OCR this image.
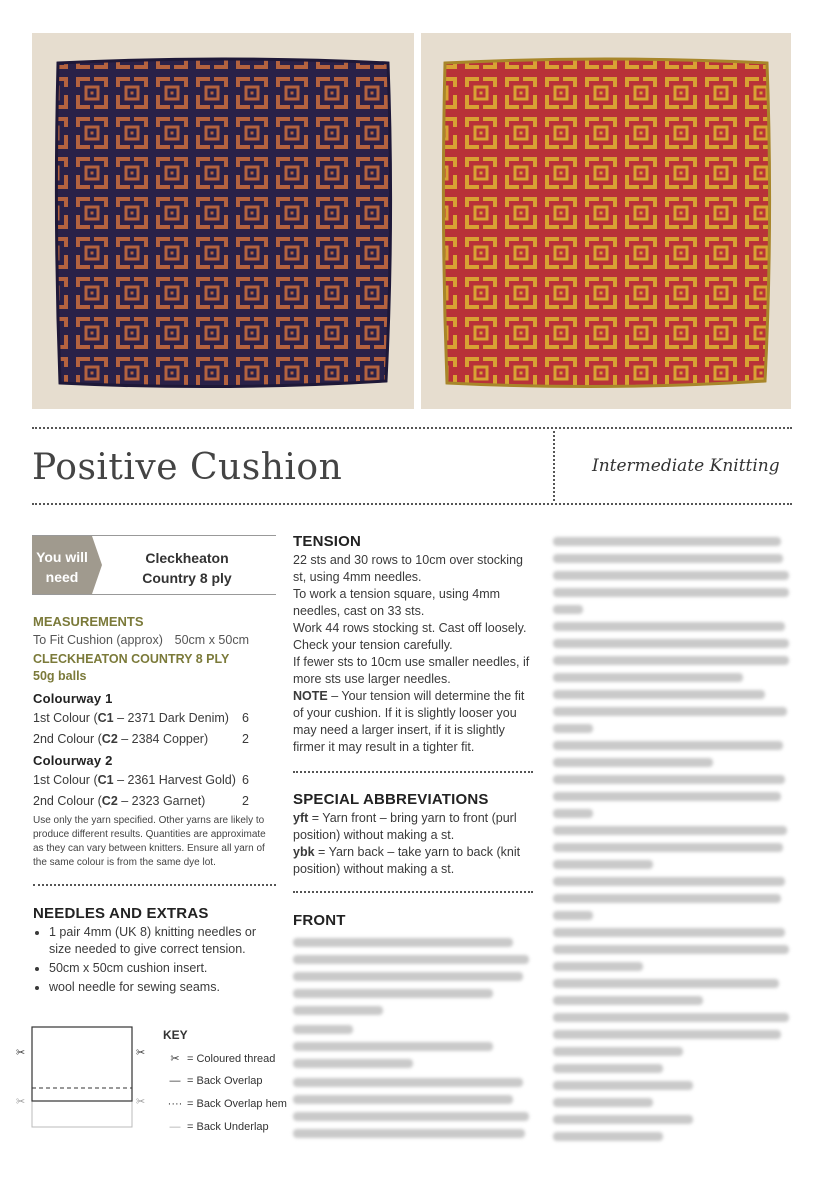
Positive Cushion	Intermediate Knitting
You will
need
Cleckheaton
Country 8 ply
MEASUREMENTS
To Fit Cushion (approx) 50cm x 50cm
CLECKHEATON COUNTRY 8 PLY 50g balls
Colourway 1
1st Colour (C1 – 2371 Dark Denim) 6
2nd Colour (C2 – 2384 Copper)	2
Colourway 2
1st Colour (C1 – 2361 Harvest Gold) 6
2nd Colour (C2 – 2323 Garnet)	2
Use only the yarn specified. Other yarns are likely to produce different results. Quantities are approximate as they can vary between knitters. Ensure all yarn of the same colour is from the same dye lot.
NEEDLES AND EXTRAS
• 1 pair 4mm (UK 8) knitting needles or size needed to give correct tension.
• 50cm x 50cm cushion insert.
• wool needle for sewing seams.
✂	✂
✂	✂
KEY
✂ = Coloured thread
— = Back Overlap
···· = Back Overlap hem
— = Back Underlap
TENSION
22 sts and 30 rows to 10cm over stocking st, using 4mm needles.
To work a tension square, using 4mm needles, cast on 33 sts.
Work 44 rows stocking st. Cast off loosely. Check your tension carefully.
If fewer sts to 10cm use smaller needles, if more sts use larger needles.
NOTE – Your tension will determine the fit of your cushion. If it is slightly looser you may need a larger insert, if it is slightly firmer it may result in a tighter fit.
SPECIAL ABBREVIATIONS
yft = Yarn front – bring yarn to front (purl position) without making a st.
ybk = Yarn back – take yarn to back (knit position) without making a st.
FRONT
